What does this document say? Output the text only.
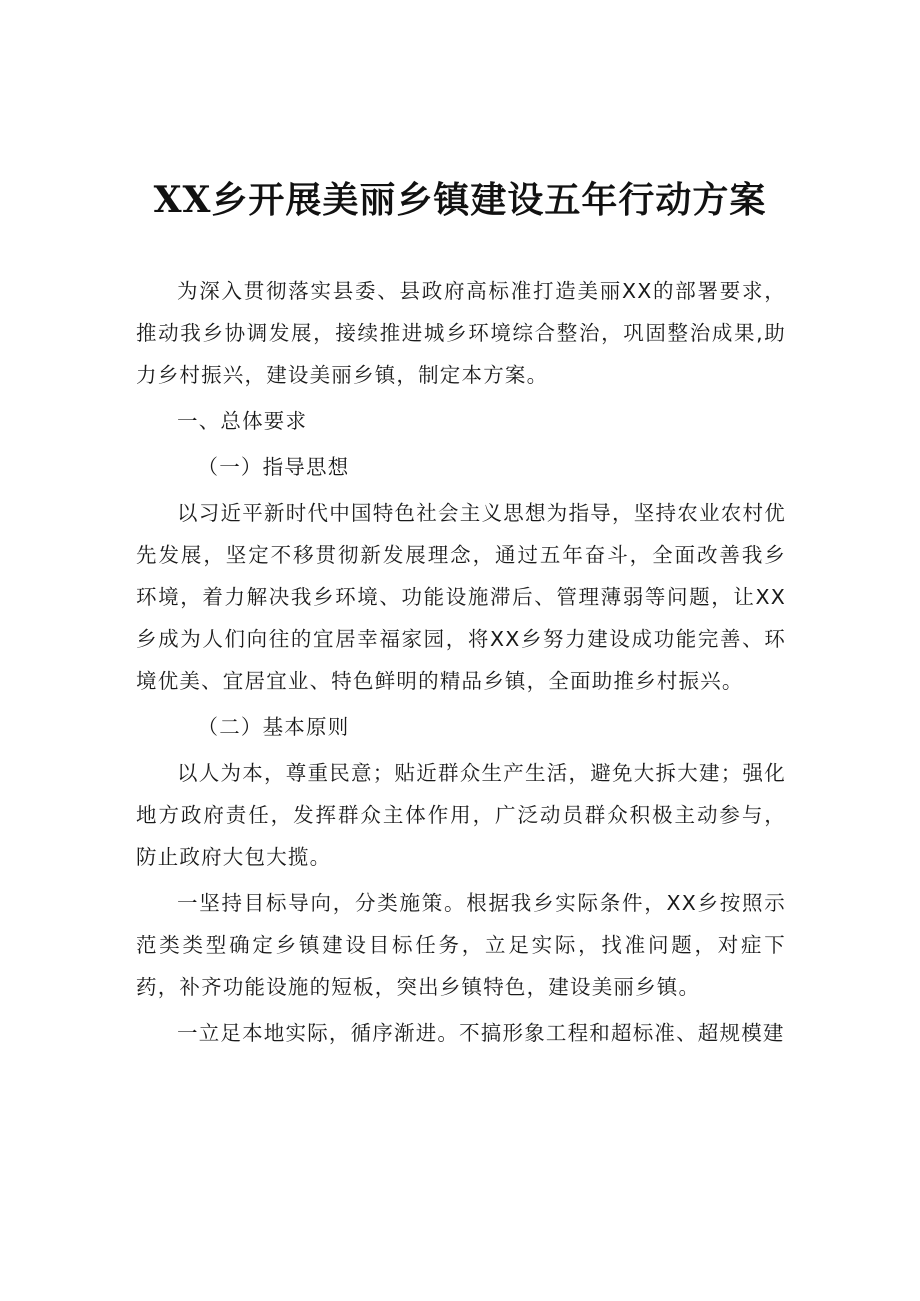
XX乡开展美丽乡镇建设五年行动方案

为深入贯彻落实县委、县政府高标准打造美丽XX的部署要求，推动我乡协调发展，接续推进城乡环境综合整治，巩固整治成果,助力乡村振兴，建设美丽乡镇，制定本方案。

一、总体要求

（一）指导思想

以习近平新时代中国特色社会主义思想为指导，坚持农业农村优先发展，坚定不移贯彻新发展理念，通过五年奋斗，全面改善我乡环境，着力解决我乡环境、功能设施滞后、管理薄弱等问题，让XX乡成为人们向往的宜居幸福家园，将XX乡努力建设成功能完善、环境优美、宜居宜业、特色鲜明的精品乡镇，全面助推乡村振兴。

（二）基本原则

以人为本，尊重民意；贴近群众生产生活，避免大拆大建；强化地方政府责任，发挥群众主体作用，广泛动员群众积极主动参与，防止政府大包大揽。

一坚持目标导向，分类施策。根据我乡实际条件，XX乡按照示范类类型确定乡镇建设目标任务，立足实际，找准问题，对症下药，补齐功能设施的短板，突出乡镇特色，建设美丽乡镇。

一立足本地实际，循序渐进。不搞形象工程和超标准、超规模建
